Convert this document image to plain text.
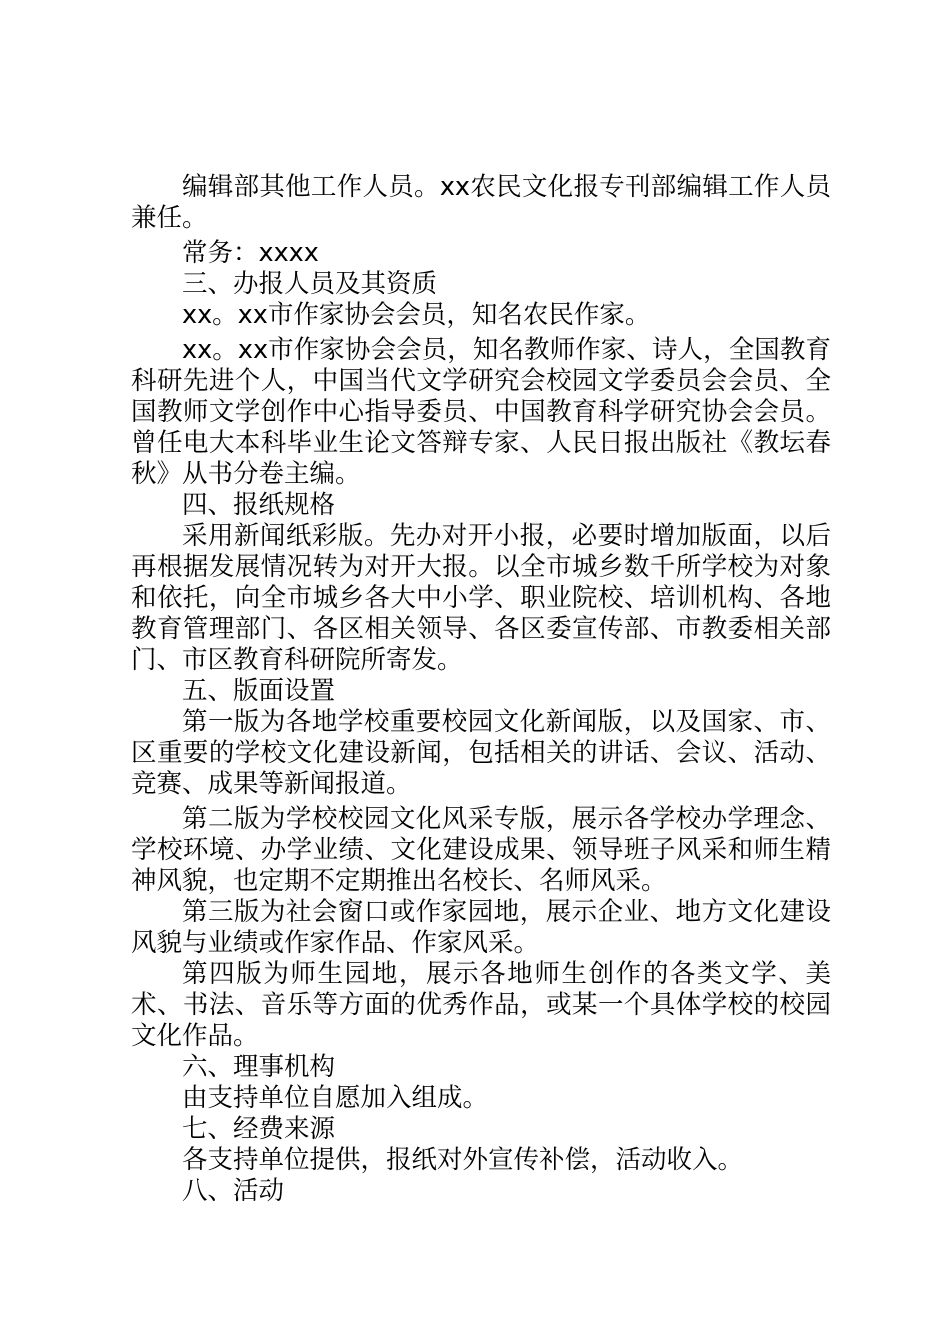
编辑部其他工作人员。xx农民文化报专刊部编辑工作人员兼任。

常务：xxxx

三、办报人员及其资质

xx。xx市作家协会会员，知名农民作家。

xx。xx市作家协会会员，知名教师作家、诗人，全国教育科研先进个人，中国当代文学研究会校园文学委员会会员、全国教师文学创作中心指导委员、中国教育科学研究协会会员。曾任电大本科毕业生论文答辩专家、人民日报出版社《教坛春秋》从书分卷主编。

四、报纸规格

采用新闻纸彩版。先办对开小报，必要时增加版面，以后再根据发展情况转为对开大报。以全市城乡数千所学校为对象和依托，向全市城乡各大中小学、职业院校、培训机构、各地教育管理部门、各区相关领导、各区委宣传部、市教委相关部门、市区教育科研院所寄发。

五、版面设置

第一版为各地学校重要校园文化新闻版，以及国家、市、区重要的学校文化建设新闻，包括相关的讲话、会议、活动、竞赛、成果等新闻报道。

第二版为学校校园文化风采专版，展示各学校办学理念、学校环境、办学业绩、文化建设成果、领导班子风采和师生精神风貌，也定期不定期推出名校长、名师风采。

第三版为社会窗口或作家园地，展示企业、地方文化建设风貌与业绩或作家作品、作家风采。

第四版为师生园地，展示各地师生创作的各类文学、美术、书法、音乐等方面的优秀作品，或某一个具体学校的校园文化作品。

六、理事机构

由支持单位自愿加入组成。

七、经费来源

各支持单位提供，报纸对外宣传补偿，活动收入。

八、活动
